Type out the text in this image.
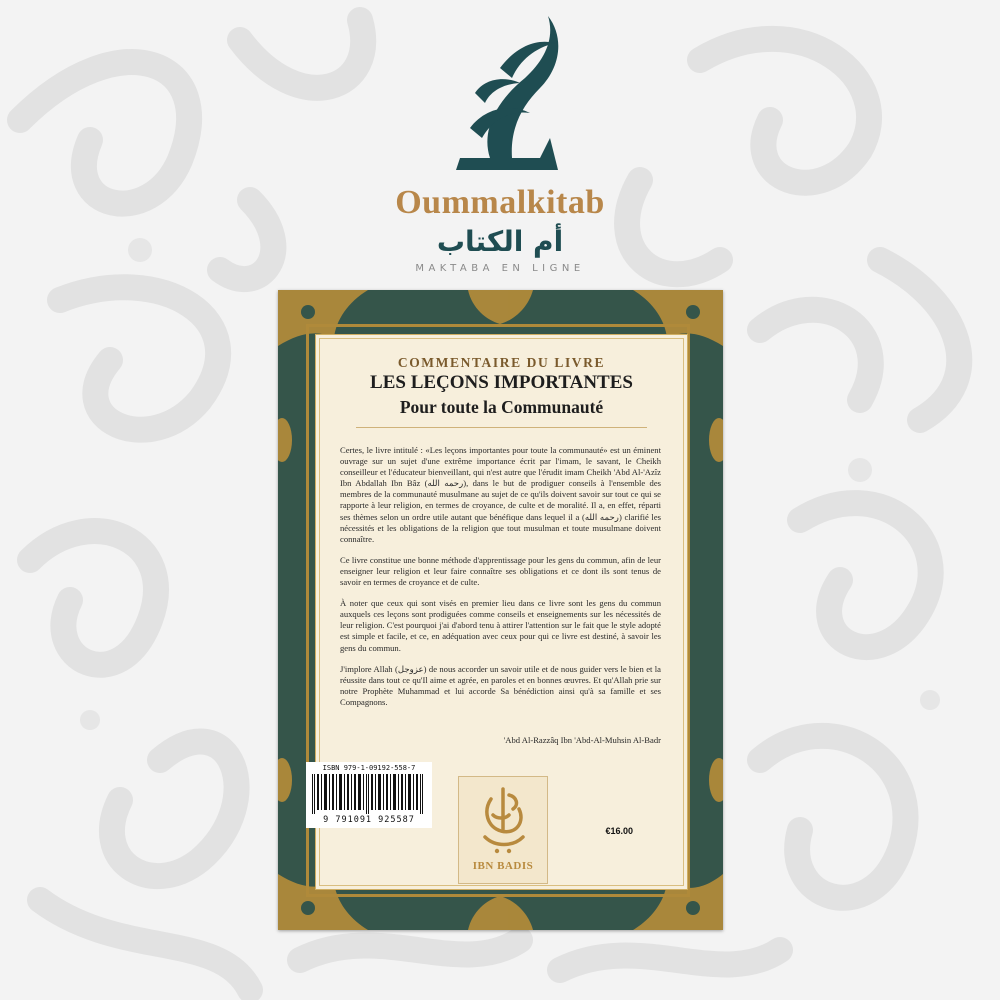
Oummalkitab
أم الكتاب
MAKTABA EN LIGNE
COMMENTAIRE DU LIVRE
LES LEÇONS IMPORTANTES
Pour toute la Communauté

Certes, le livre intitulé : «Les leçons importantes pour toute la communauté» est un éminent ouvrage sur un sujet d'une extrême importance écrit par l'imam, le savant, le Cheikh conseilleur et l'éducateur bienveillant, qui n'est autre que l'érudit imam Cheikh 'Abd Al-'Azîz Ibn Abdallah Ibn Bâz (رحمه الله), dans le but de prodiguer conseils à l'ensemble des membres de la communauté musulmane au sujet de ce qu'ils doivent savoir sur tout ce qui se rapporte à leur religion, en termes de croyance, de culte et de moralité. Il a, en effet, réparti ses thèmes selon un ordre utile autant que bénéfique dans lequel il a (رحمه الله) clarifié les nécessités et les obligations de la religion que tout musulman et toute musulmane doivent connaître.

Ce livre constitue une bonne méthode d'apprentissage pour les gens du commun, afin de leur enseigner leur religion et leur faire connaître ses obligations et ce dont ils sont tenus de savoir en termes de croyance et de culte.

À noter que ceux qui sont visés en premier lieu dans ce livre sont les gens du commun auxquels ces leçons sont prodiguées comme conseils et enseignements sur les nécessités de leur religion. C'est pourquoi j'ai d'abord tenu à attirer l'attention sur le fait que le style adopté est simple et facile, et ce, en adéquation avec ceux pour qui ce livre est destiné, à savoir les gens du commun.

J'implore Allah (عزوجل) de nous accorder un savoir utile et de nous guider vers le bien et la réussite dans tout ce qu'Il aime et agrée, en paroles et en bonnes œuvres. Et qu'Allah prie sur notre Prophète Muhammad et lui accorde Sa bénédiction ainsi qu'à sa famille et ses Compagnons.

'Abd Al-Razzâq Ibn 'Abd-Al-Muhsin Al-Badr
IBN BADIS
ISBN 979-1-09192-558-7
9 791091 925587
€16.00
